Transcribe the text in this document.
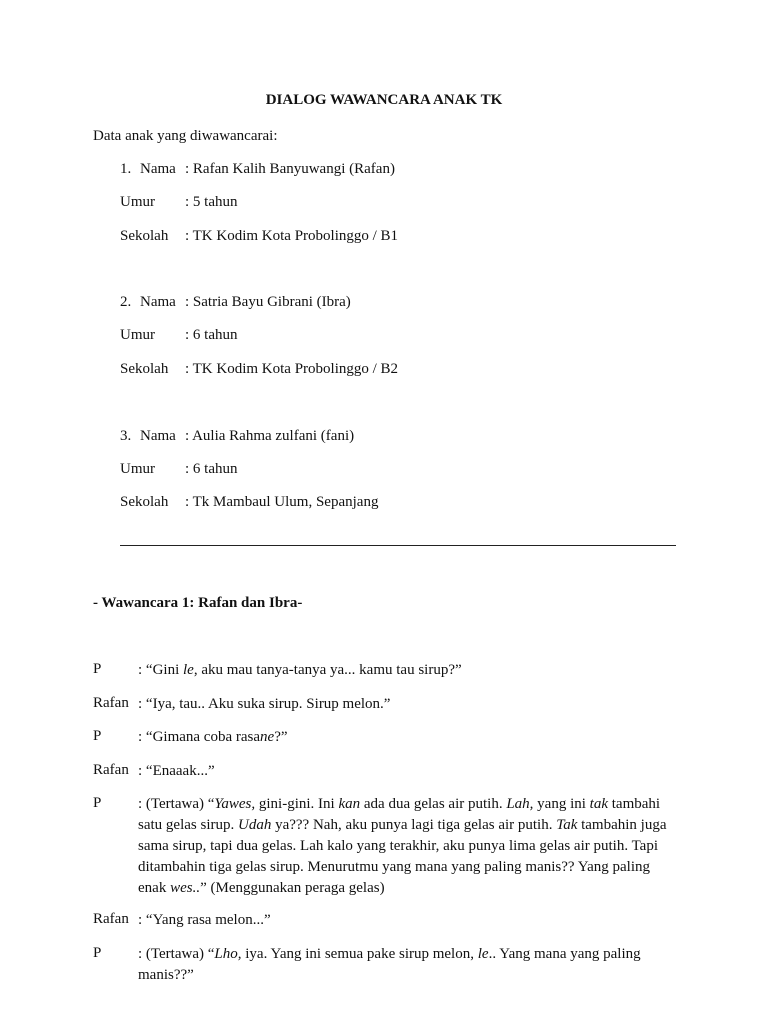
DIALOG WAWANCARA ANAK TK
Data anak yang diwawancarai:
1. Nama : Rafan Kalih Banyuwangi (Rafan)
Umur : 5 tahun
Sekolah : TK Kodim Kota Probolinggo / B1
2. Nama : Satria Bayu Gibrani (Ibra)
Umur : 6 tahun
Sekolah : TK Kodim Kota Probolinggo / B2
3. Nama : Aulia Rahma zulfani (fani)
Umur : 6 tahun
Sekolah : Tk Mambaul Ulum, Sepanjang
- Wawancara 1: Rafan dan Ibra-
P : “Gini le, aku mau tanya-tanya ya... kamu tau sirup?”
Rafan : “Iya, tau.. Aku suka sirup. Sirup melon.”
P : “Gimana coba rasane?”
Rafan : “Enaaak...”
P : (Tertawa) “Yawes, gini-gini. Ini kan ada dua gelas air putih. Lah, yang ini tak tambahi satu gelas sirup. Udah ya??? Nah, aku punya lagi tiga gelas air putih. Tak tambahin juga sama sirup, tapi dua gelas. Lah kalo yang terakhir, aku punya lima gelas air putih. Tapi ditambahin tiga gelas sirup. Menurutmu yang mana yang paling manis?? Yang paling enak wes..” (Menggunakan peraga gelas)
Rafan : “Yang rasa melon...”
P : (Tertawa) “Lho, iya. Yang ini semua pake sirup melon, le.. Yang mana yang paling manis??”
